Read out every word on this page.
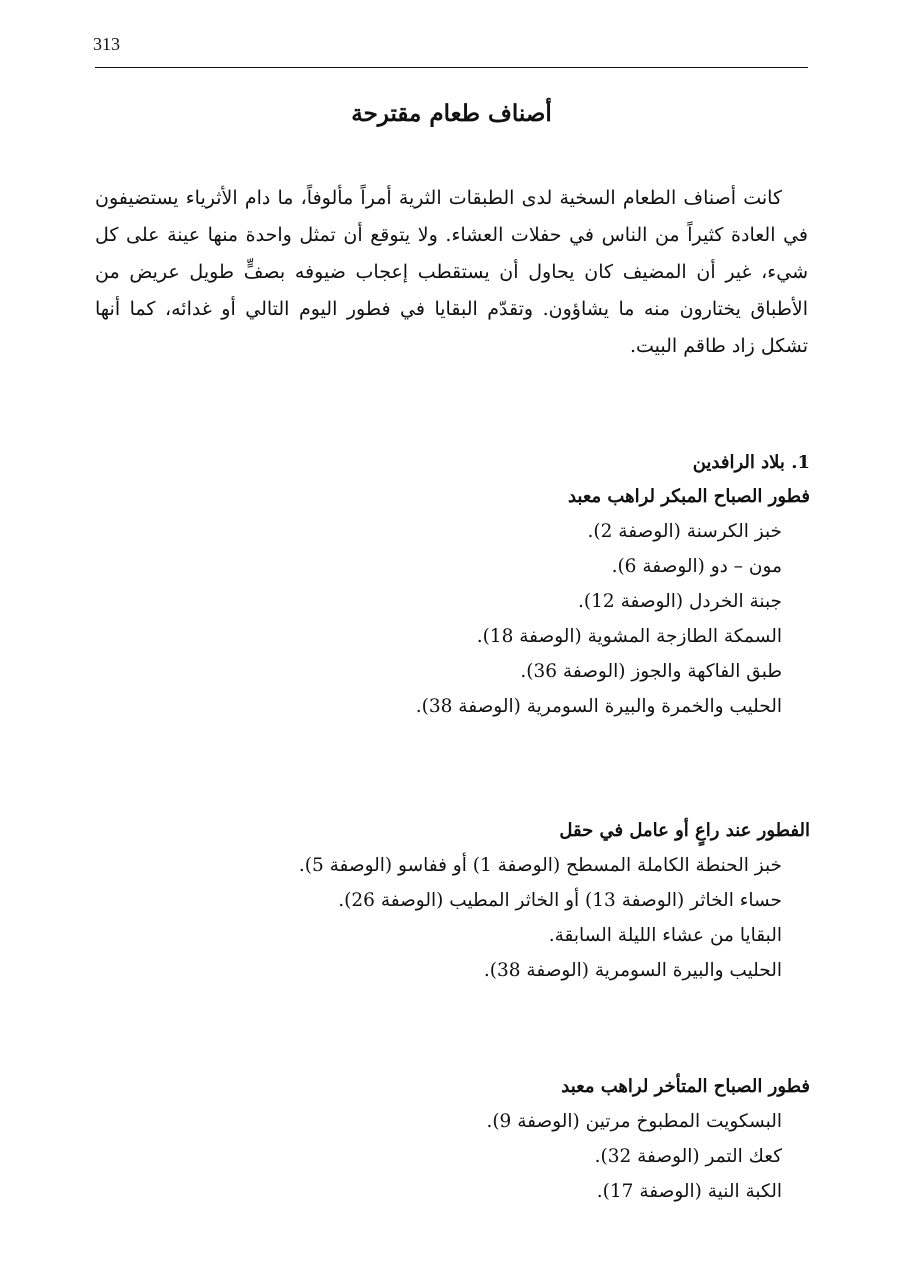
313
أصناف طعام مقترحة

كانت أصناف الطعام السخية لدى الطبقات الثرية أمراً مألوفاً، ما دام الأثرياء يستضيفون في العادة كثيراً من الناس في حفلات العشاء. ولا يتوقع أن تمثل واحدة منها عينة على كل شيء، غير أن المضيف كان يحاول أن يستقطب إعجاب ضيوفه بصفٍّ طويل عريض من الأطباق يختارون منه ما يشاؤون. وتقدّم البقايا في فطور اليوم التالي أو غدائه، كما أنها تشكل زاد طاقم البيت.

1. بلاد الرافدين
فطور الصباح المبكر لراهب معبد
خبز الكرسنة (الوصفة 2).
مون – دو (الوصفة 6).
جبنة الخردل (الوصفة 12).
السمكة الطازجة المشوية (الوصفة 18).
طبق الفاكهة والجوز (الوصفة 36).
الحليب والخمرة والبيرة السومرية (الوصفة 38).
الفطور عند راعٍ أو عامل في حقل
خبز الحنطة الكاملة المسطح (الوصفة 1) أو ففاسو (الوصفة 5).
حساء الخاثر (الوصفة 13) أو الخاثر المطيب (الوصفة 26).
البقايا من عشاء الليلة السابقة.
الحليب والبيرة السومرية (الوصفة 38).
فطور الصباح المتأخر لراهب معبد
البسكويت المطبوخ مرتين (الوصفة 9).
كعك التمر (الوصفة 32).
الكبة النية (الوصفة 17).
